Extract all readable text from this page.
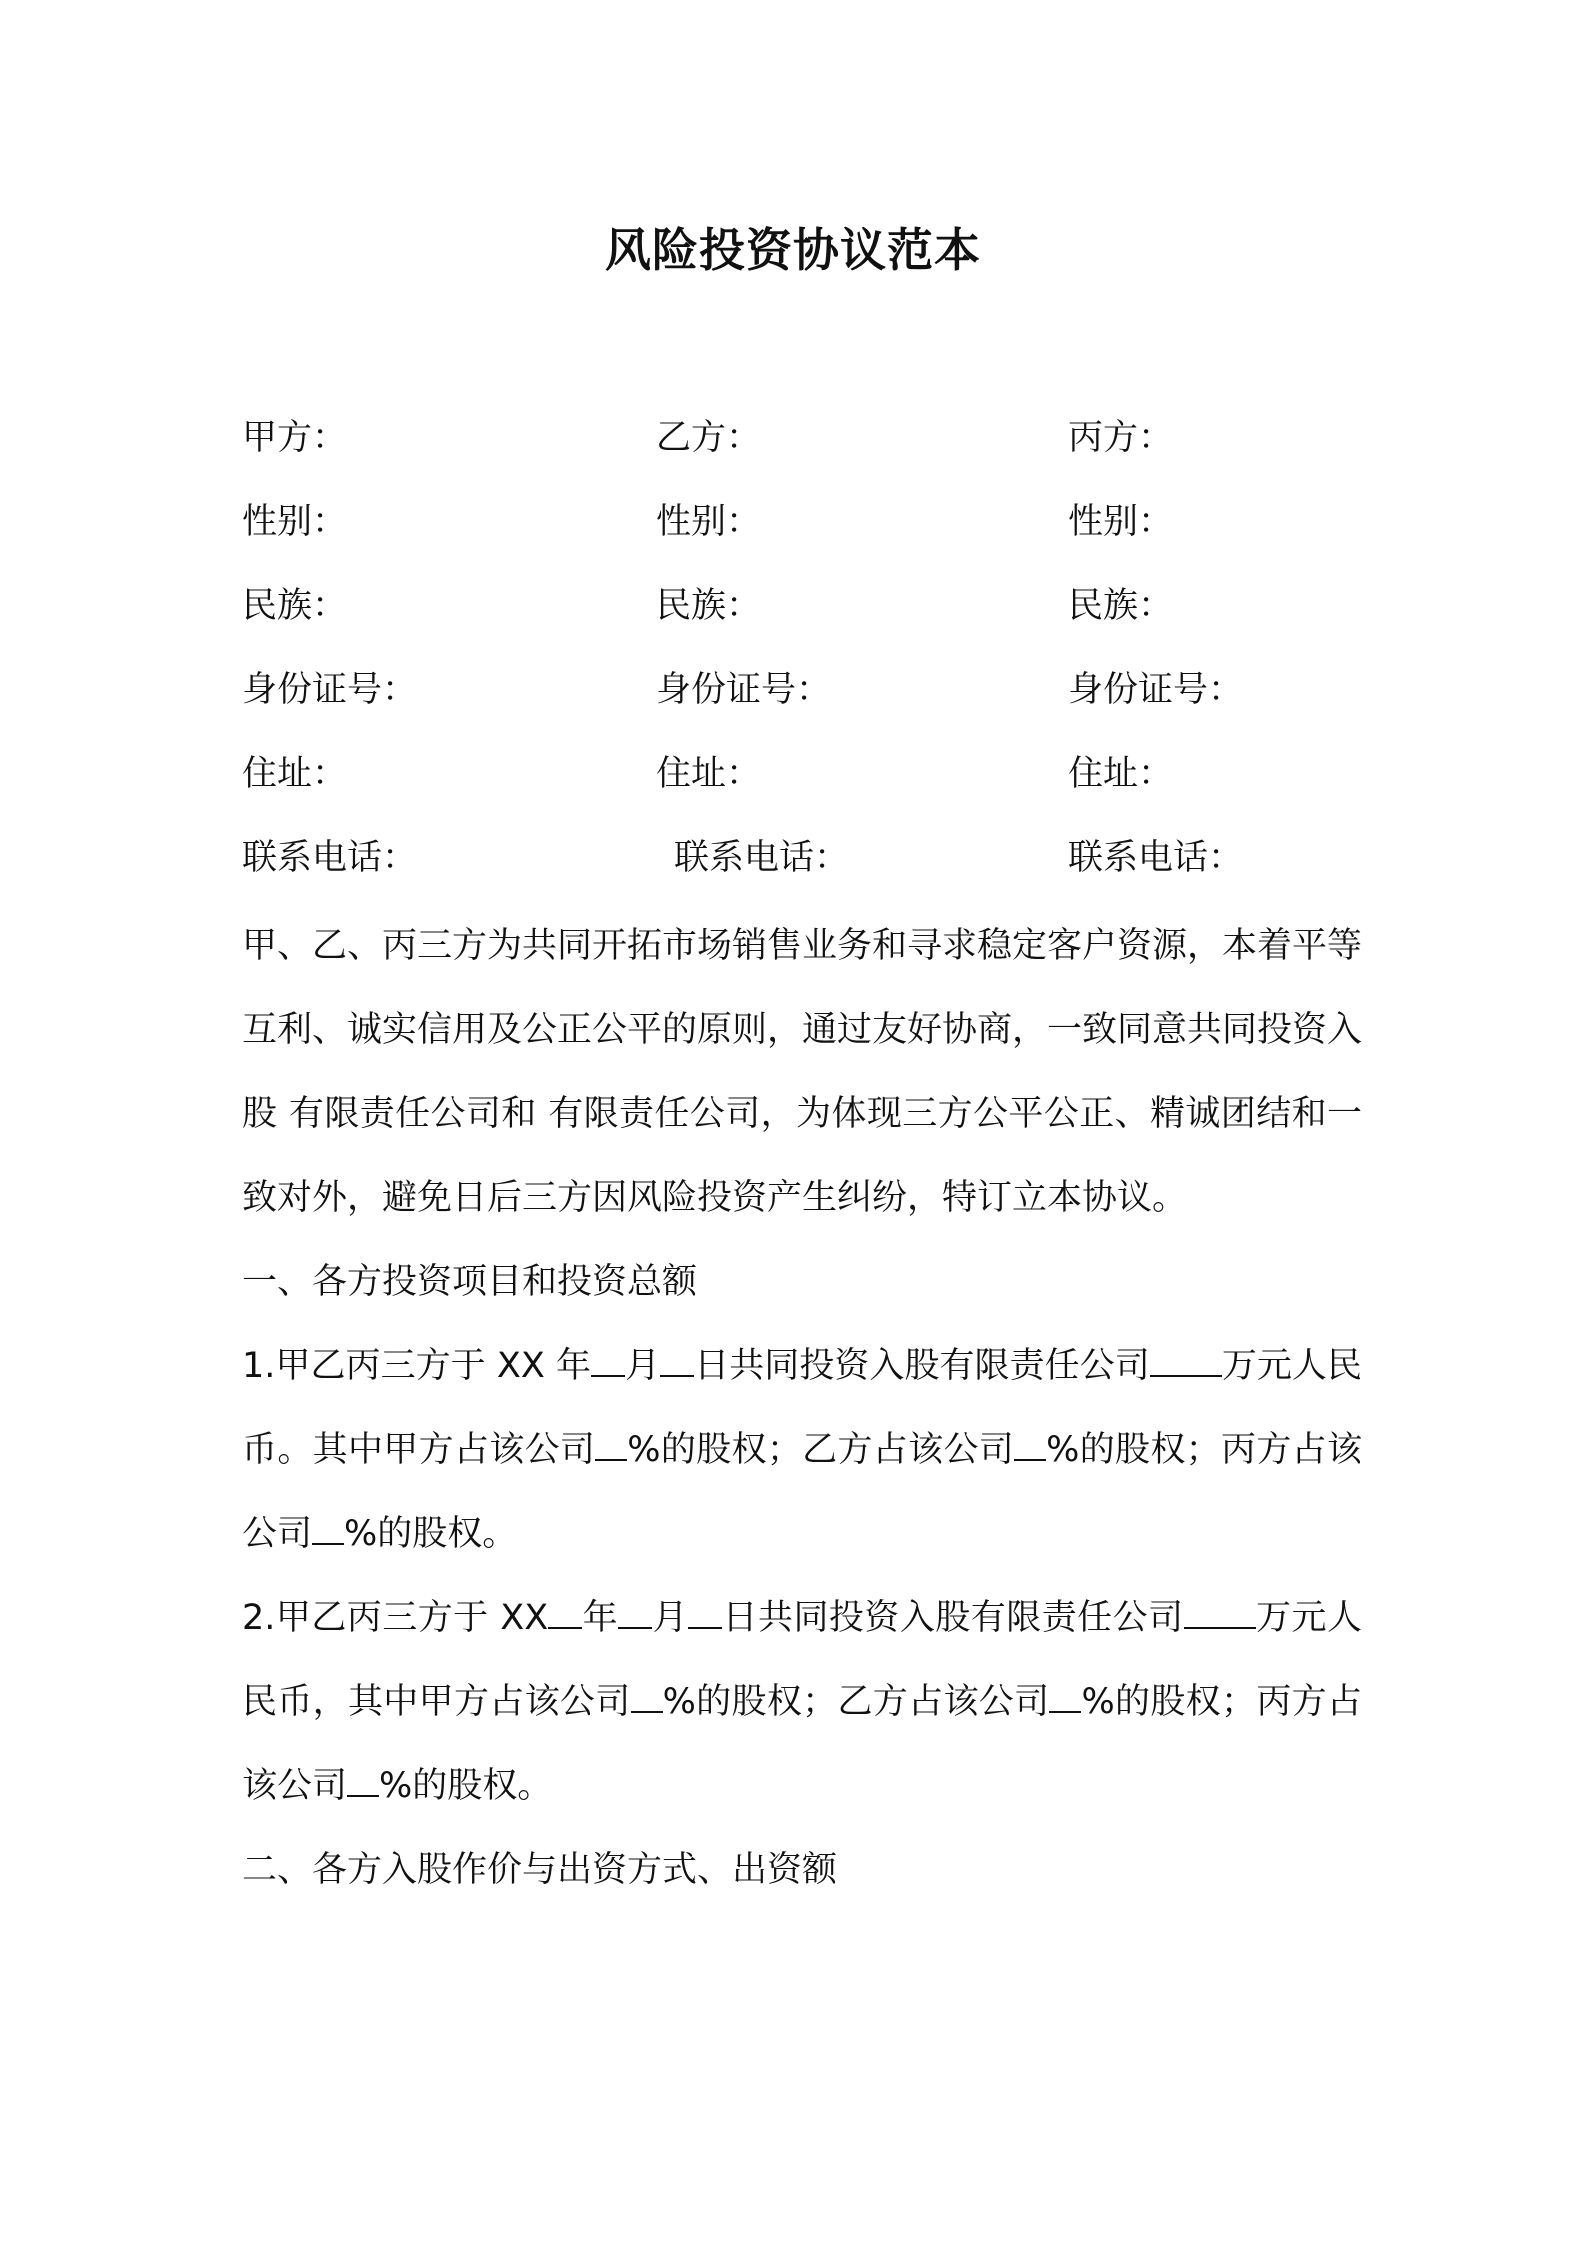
风险投资协议范本
甲方：	乙方：	丙方：
性别：	性别：	性别：
民族：	民族：	民族：
身份证号：	身份证号：	身份证号：
住址：	住址：	住址：
联系电话：	联系电话：	联系电话：

甲、乙、丙三方为共同开拓市场销售业务和寻求稳定客户资源，本着平等互利、诚实信用及公正公平的原则，通过友好协商，一致同意共同投资入股 有限责任公司和 有限责任公司，为体现三方公平公正、精诚团结和一致对外，避免日后三方因风险投资产生纠纷，特订立本协议。

一、各方投资项目和投资总额

1.甲乙丙三方于 XX 年 月 日共同投资入股有限责任公司 万元人民币。其中甲方占该公司 %的股权；乙方占该公司 %的股权；丙方占该公司 %的股权。

2.甲乙丙三方于 XX 年 月 日共同投资入股有限责任公司 万元人民币，其中甲方占该公司 %的股权；乙方占该公司 %的股权；丙方占该公司 %的股权。

二、各方入股作价与出资方式、出资额
